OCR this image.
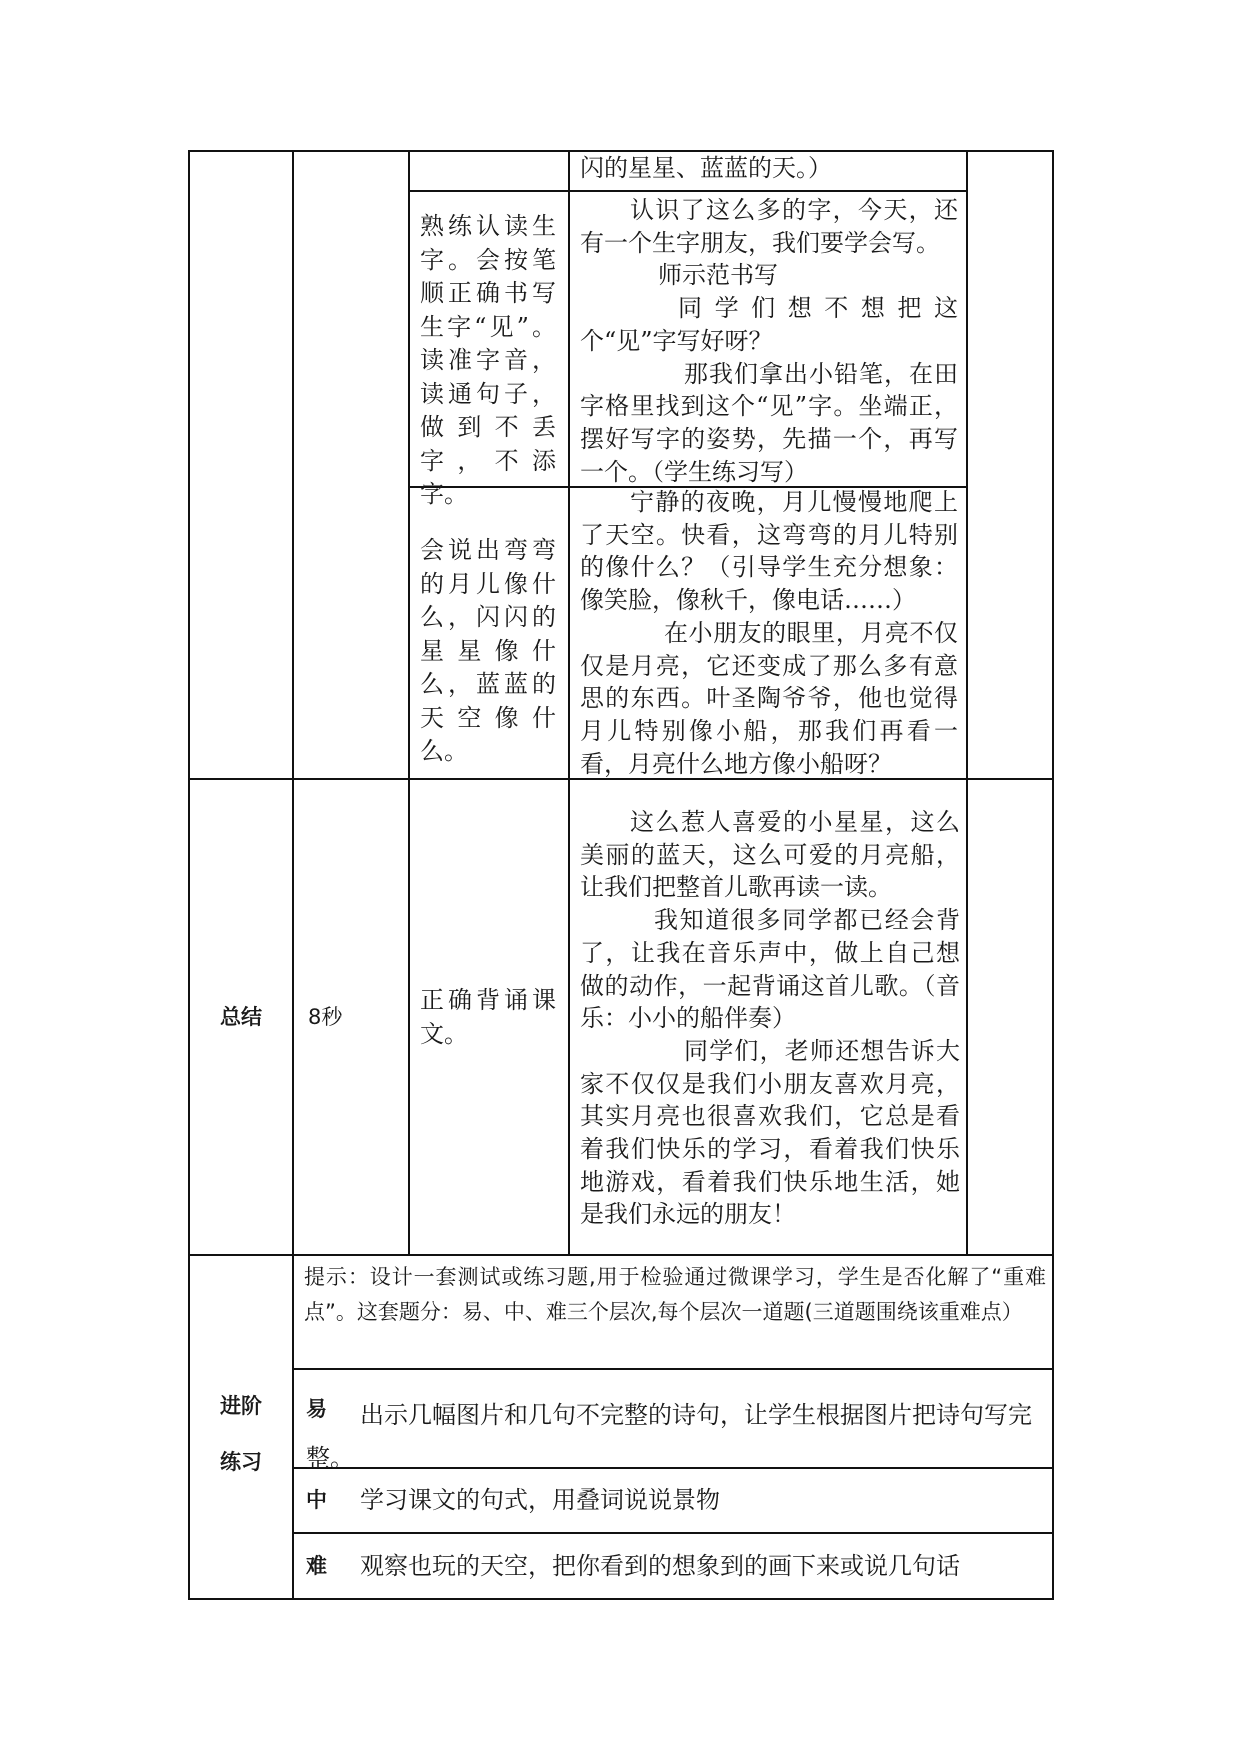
闪的星星、蓝蓝的天。）
熟练认读生字。会按笔顺正确书写生字“见”。读准字音，读通句子，做到不丢字，不添字。
认识了这么多的字，今天，还有一个生字朋友，我们要学会写。
师示范书写
同学们想不想把这个“见”字写好呀？
那我们拿出小铅笔，在田字格里找到这个“见”字。坐端正，摆好写字的姿势，先描一个，再写一个。（学生练习写）
会说出弯弯的月儿像什么，闪闪的星星像什么，蓝蓝的天空像什么。
宁静的夜晚，月儿慢慢地爬上了天空。快看，这弯弯的月儿特别的像什么？（引导学生充分想象：像笑脸，像秋千，像电话……）
在小朋友的眼里，月亮不仅仅是月亮，它还变成了那么多有意思的东西。叶圣陶爷爷，他也觉得月儿特别像小船，那我们再看一看，月亮什么地方像小船呀？
总结	8秒
正确背诵课文。
这么惹人喜爱的小星星，这么美丽的蓝天，这么可爱的月亮船，让我们把整首儿歌再读一读。
我知道很多同学都已经会背了，让我在音乐声中，做上自己想做的动作，一起背诵这首儿歌。（音乐：小小的船伴奏）
同学们，老师还想告诉大家不仅仅是我们小朋友喜欢月亮，其实月亮也很喜欢我们，它总是看着我们快乐的学习，看着我们快乐地游戏，看着我们快乐地生活，她是我们永远的朋友！
进阶
练习
提示：设计一套测试或练习题,用于检验通过微课学习，学生是否化解了“重难点”。这套题分：易、中、难三个层次,每个层次一道题(三道题围绕该重难点）
易	出示几幅图片和几句不完整的诗句，让学生根据图片把诗句写完整。
中 学习课文的句式，用叠词说说景物
难 观察也玩的天空，把你看到的想象到的画下来或说几句话
